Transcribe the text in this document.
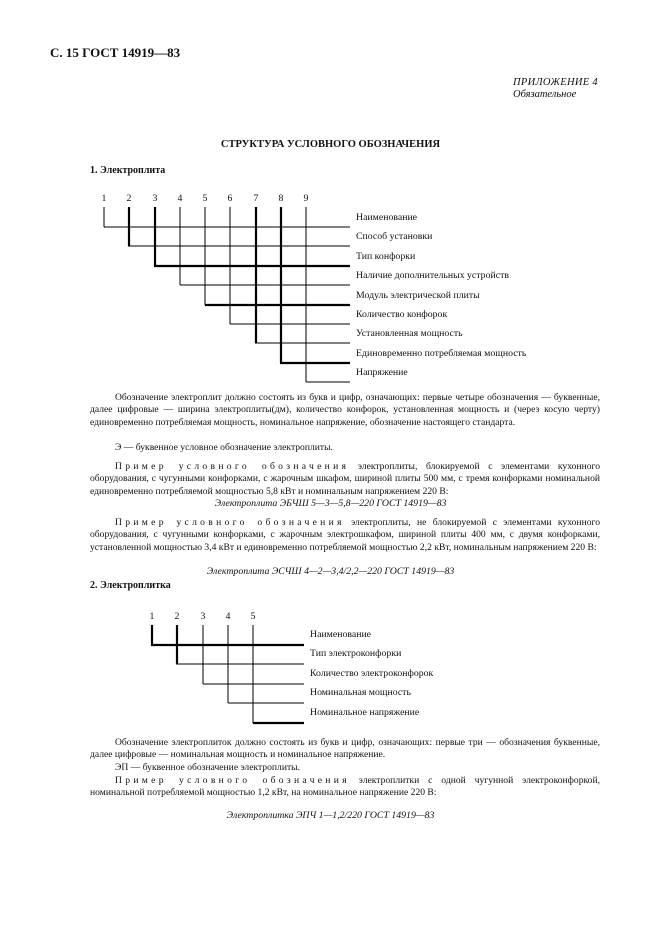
С. 15 ГОСТ 14919—83
ПРИЛОЖЕНИЕ 4
Обязательное
СТРУКТУРА УСЛОВНОГО ОБОЗНАЧЕНИЯ
1. Электроплита
1 2 3 4 5 6 7 8 9
Наименование
Способ установки
Тип конфорки
Наличие дополнительных устройств
Модуль электрической плиты
Количество конфорок
Установленная мощность
Единовременно потребляемая мощность
Напряжение
Обозначение электроплит должно состоять из букв и цифр, означающих: первые четыре обозначения — буквенные, далее цифровые — ширина электроплиты(дм), количество конфорок, установленная мощность и (через косую черту) единовременно потребляемая мощность, номинальное напряжение, обозначение настоящего стандарта.
Э — буквенное условное обозначение электроплиты.
Пример условного обозначения электроплиты, блокируемой с элементами кухонного оборудования, с чугунными конфорками, с жарочным шкафом, шириной плиты 500 мм, с тремя конфорками номинальной единовременно потребляемой мощностью 5,8 кВт и номинальным напряжением 220 В:
Электроплита ЭБЧШ 5—3—5,8—220 ГОСТ 14919—83
Пример условного обозначения электроплиты, не блокируемой с элементами кухонного оборудования, с чугунными конфорками, с жарочным электрошкафом, шириной плиты 400 мм, с двумя конфорками, установленной мощностью 3,4 кВт и единовременно потребляемой мощностью 2,2 кВт, номинальным напряжением 220 В:
Электроплита ЭСЧШ 4—2—3,4/2,2—220 ГОСТ 14919—83
2. Электроплитка
1 2 3 4 5
Наименование
Тип электроконфорки
Количество электроконфорок
Номинальная мощность
Номинальное напряжение
Обозначение электроплиток должно состоять из букв и цифр, означающих: первые три — обозначения буквенные, далее цифровые — номинальная мощность и номинальное напряжение.
ЭП — буквенное обозначение электроплиты.
Пример условного обозначения электроплитки с одной чугунной электроконфоркой, номинальной потребляемой мощностью 1,2 кВт, на номинальное напряжение 220 В:
Электроплитка ЭПЧ 1—1,2/220 ГОСТ 14919—83
